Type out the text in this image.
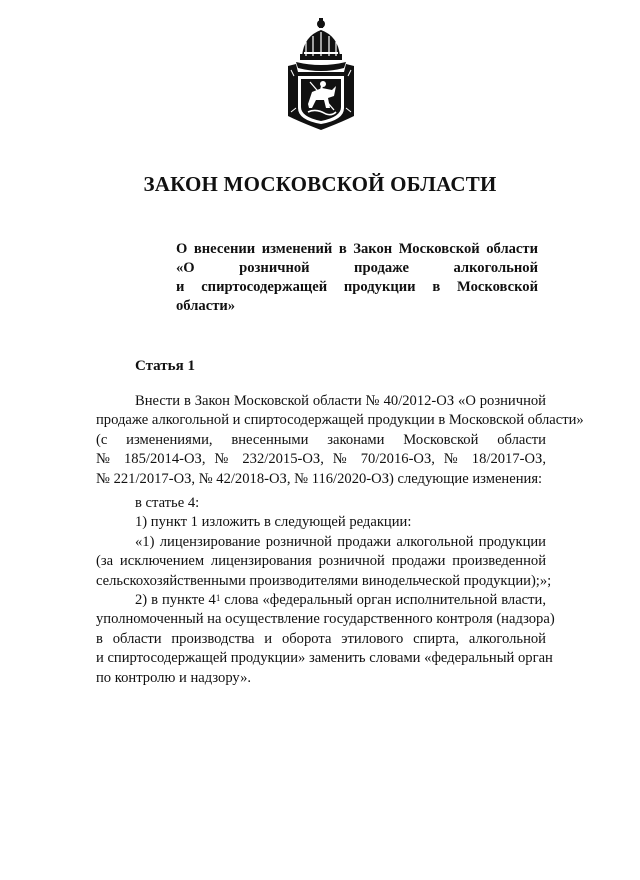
ЗАКОН МОСКОВСКОЙ ОБЛАСТИ
О внесении изменений в Закон Московской области
«О розничной продаже алкогольной
и спиртосодержащей продукции в Московской
области»
Статья 1
Внести в Закон Московской области № 40/2012-ОЗ «О розничной
продаже алкогольной и спиртосодержащей продукции в Московской области»
(с изменениями, внесенными законами Московской области
№ 185/2014-ОЗ, № 232/2015-ОЗ, № 70/2016-ОЗ, № 18/2017-ОЗ,
№ 221/2017-ОЗ, № 42/2018-ОЗ, № 116/2020-ОЗ) следующие изменения:
в статье 4:
1) пункт 1 изложить в следующей редакции:
«1) лицензирование розничной продажи алкогольной продукции
(за исключением лицензирования розничной продажи произведенной
сельскохозяйственными производителями винодельческой продукции);»;
2) в пункте $4^1$ слова «федеральный орган исполнительной власти,
уполномоченный на осуществление государственного контроля (надзора)
в области производства и оборота этилового спирта, алкогольной
и спиртосодержащей продукции» заменить словами «федеральный орган
по контролю и надзору».
